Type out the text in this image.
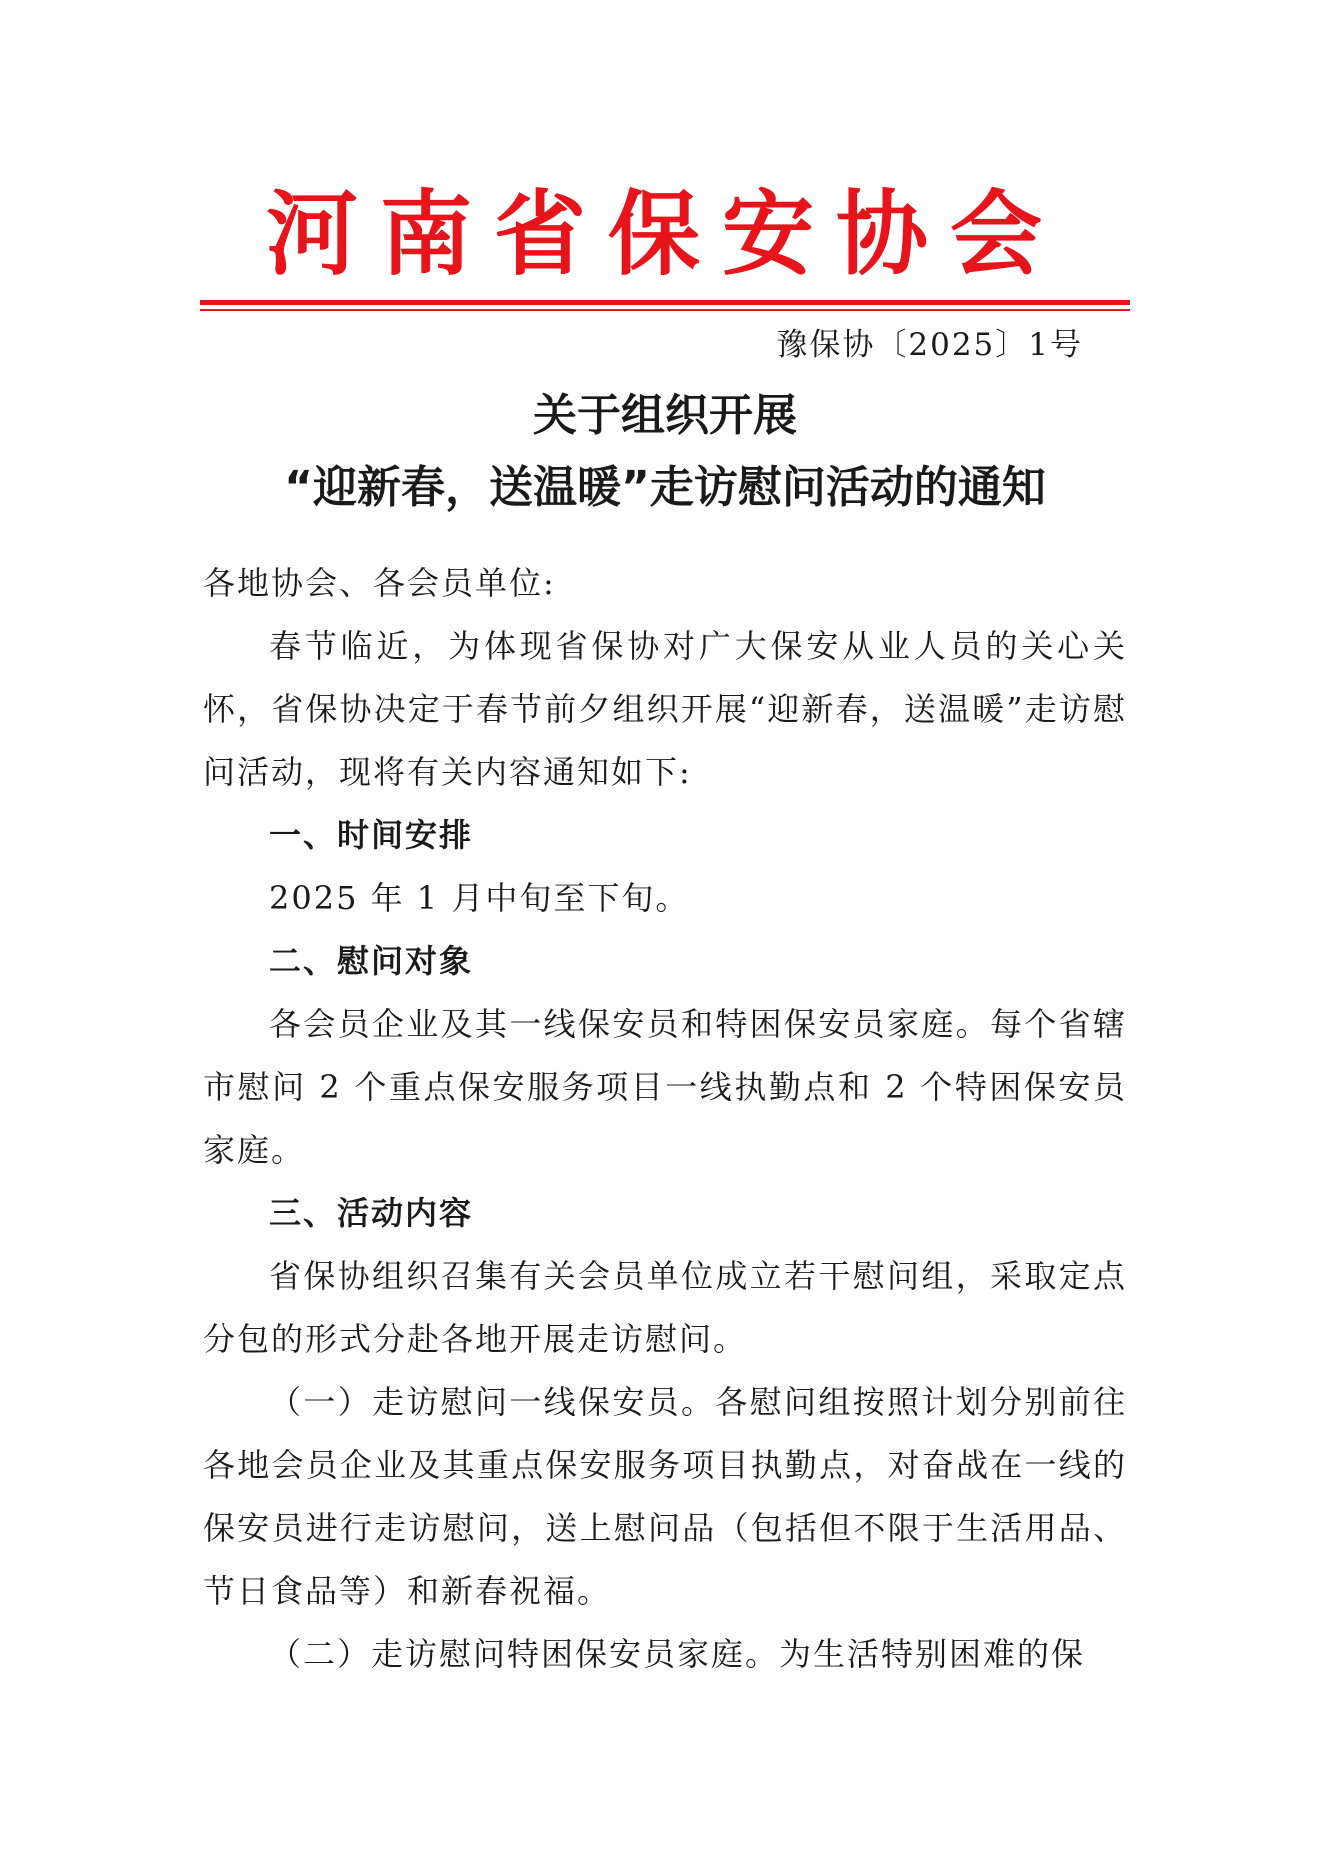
河南省保安协会
豫保协〔2025〕1号
关于组织开展
“迎新春，送温暖”走访慰问活动的通知

各地协会、各会员单位:

春节临近，为体现省保协对广大保安从业人员的关心关怀，省保协决定于春节前夕组织开展“迎新春，送温暖”走访慰问活动，现将有关内容通知如下:

一、时间安排

2025 年 1 月中旬至下旬。

二、慰问对象

各会员企业及其一线保安员和特困保安员家庭。每个省辖市慰问 2 个重点保安服务项目一线执勤点和 2 个特困保安员家庭。

三、活动内容

省保协组织召集有关会员单位成立若干慰问组，采取定点分包的形式分赴各地开展走访慰问。

（一）走访慰问一线保安员。各慰问组按照计划分别前往各地会员企业及其重点保安服务项目执勤点，对奋战在一线的保安员进行走访慰问，送上慰问品（包括但不限于生活用品、节日食品等）和新春祝福。

（二）走访慰问特困保安员家庭。为生活特别困难的保
